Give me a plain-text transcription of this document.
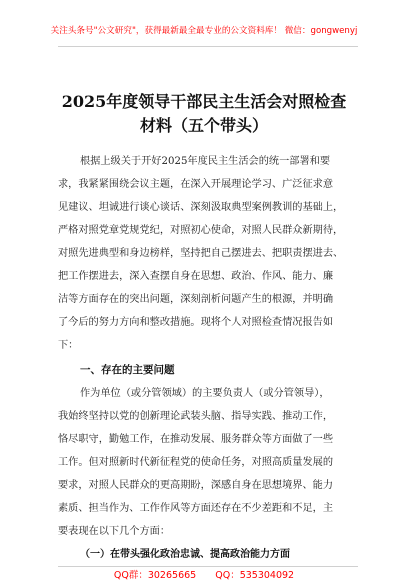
关注头条号"公文研究"，获得最新最全最专业的公文资料库！ 微信：gongwenyj
2025年度领导干部民主生活会对照检查
材料（五个带头）
根据上级关于开好2025年度民主生活会的统一部署和要
求，我紧紧围绕会议主题，在深入开展理论学习、广泛征求意
见建议、坦诚进行谈心谈话、深刻汲取典型案例教训的基础上，
严格对照党章党规党纪，对照初心使命，对照人民群众新期待，
对照先进典型和身边榜样，坚持把自己摆进去、把职责摆进去、
把工作摆进去，深入查摆自身在思想、政治、作风、能力、廉
洁等方面存在的突出问题，深刻剖析问题产生的根源，并明确
了今后的努力方向和整改措施。现将个人对照检查情况报告如
下：
一、存在的主要问题
作为单位（或分管领域）的主要负责人（或分管领导），
我始终坚持以党的创新理论武装头脑、指导实践、推动工作，
恪尽职守，勤勉工作，在推动发展、服务群众等方面做了一些
工作。但对照新时代新征程党的使命任务，对照高质量发展的
要求，对照人民群众的更高期盼，深感自身在思想境界、能力
素质、担当作为、工作作风等方面还存在不少差距和不足，主
要表现在以下几个方面：
（一）在带头强化政治忠诚、提高政治能力方面
QQ群：30265665 QQ：535304092
